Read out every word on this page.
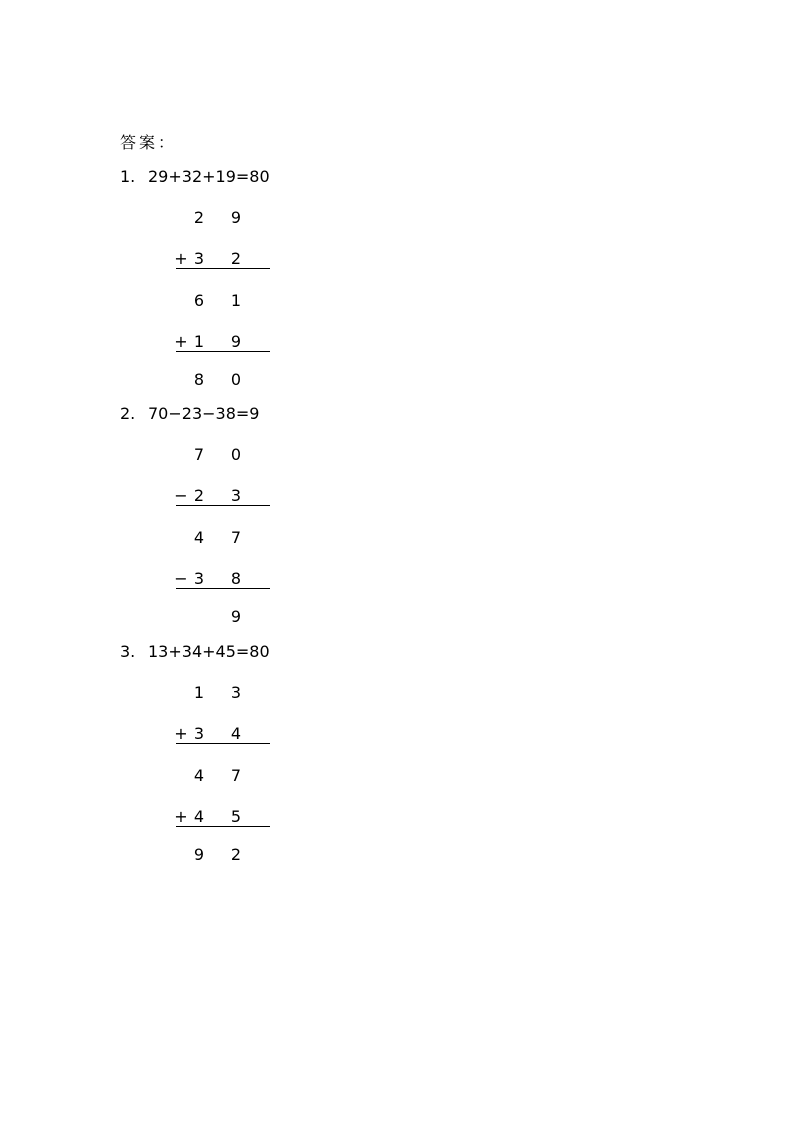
答案：
1. 29+32+19=80
2 9
+ 3 2
6 1
+ 1 9
8 0
2. 70−23−38=9
7 0
− 2 3
4 7
− 3 8
9
3. 13+34+45=80
1 3
+ 3 4
4 7
+ 4 5
9 2
